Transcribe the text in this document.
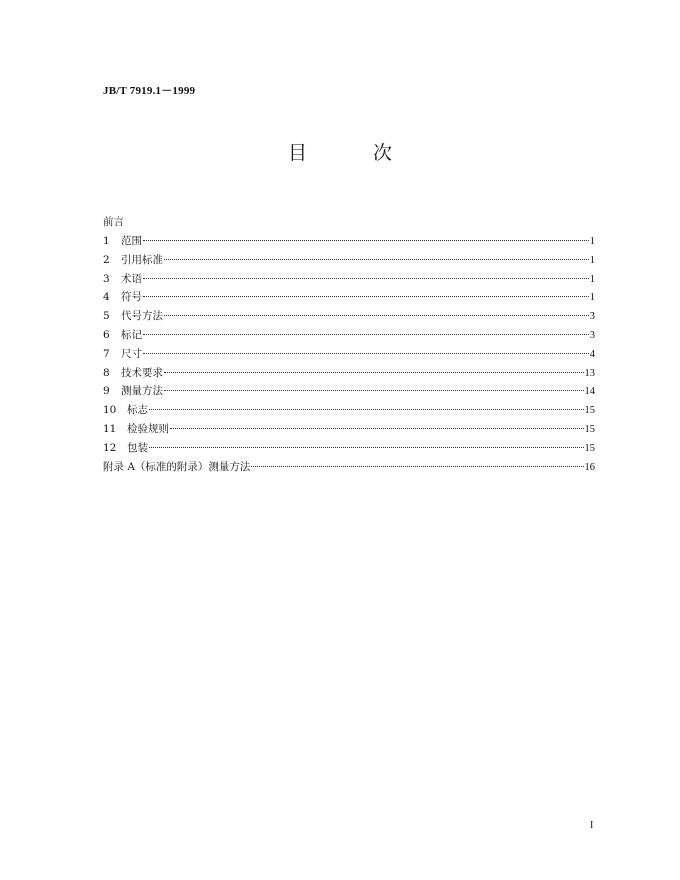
JB/T 7919.1－1999
目 次
前言
1	范围	1
2	引用标准	1
3	术语	1
4	符号	1
5	代号方法	3
6	标记	3
7	尺寸	4
8	技术要求	13
9	测量方法	14
10	标志	15
11	检验规则	15
12	包装	15
附录 A（标准的附录）测量方法	16
I
